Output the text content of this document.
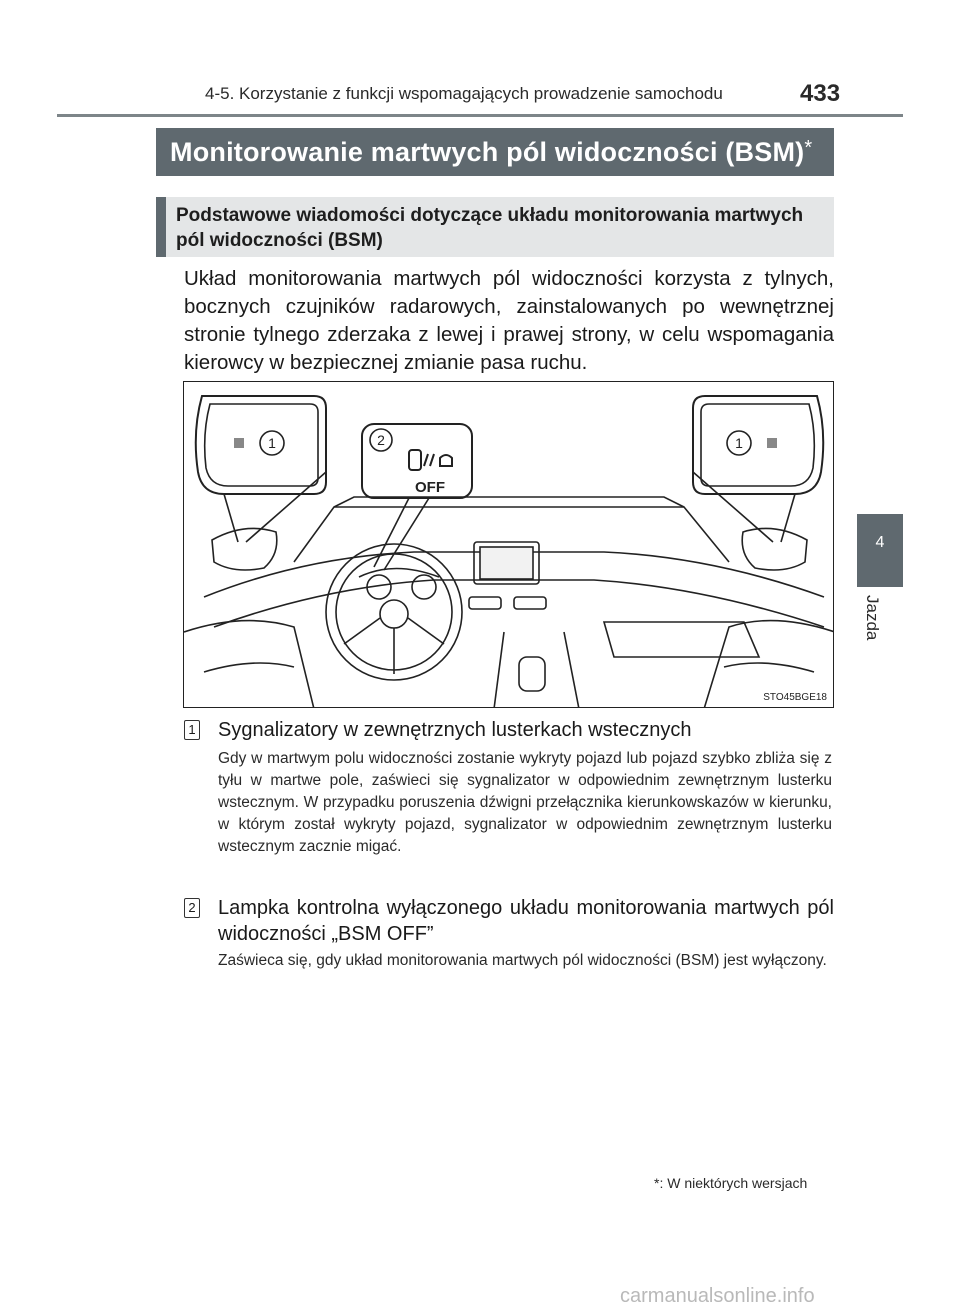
4-5. Korzystanie z funkcji wspomagających prowadzenie samochodu	433
Monitorowanie martwych pól widoczności (BSM)*
Podstawowe wiadomości dotyczące układu monitorowania martwych pól widoczności (BSM)
Układ monitorowania martwych pól widoczności korzysta z tylnych, bocznych czujników radarowych, zainstalowanych po wewnętrznej stronie tylnego zderzaka z lewej i prawej strony, w celu wspomagania kierowcy w bezpiecznej zmianie pasa ruchu.
1	1
2
OFF
STO45BGE18
1 Sygnalizatory w zewnętrznych lusterkach wstecznych
Gdy w martwym polu widoczności zostanie wykryty pojazd lub pojazd szybko zbliża się z tyłu w martwe pole, zaświeci się sygnalizator w odpowiednim zewnętrznym lusterku wstecznym. W przypadku poruszenia dźwigni przełącznika kierunkowskazów w kierunku, w którym został wykryty pojazd, sygnalizator w odpowiednim zewnętrznym lusterku wstecznym zacznie migać.
2 Lampka kontrolna wyłączonego układu monitorowania martwych pól widoczności „BSM OFF”
Zaświeca się, gdy układ monitorowania martwych pól widoczności (BSM) jest wyłączony.
4
Jazda
*: W niektórych wersjach
carmanualsonline.info
